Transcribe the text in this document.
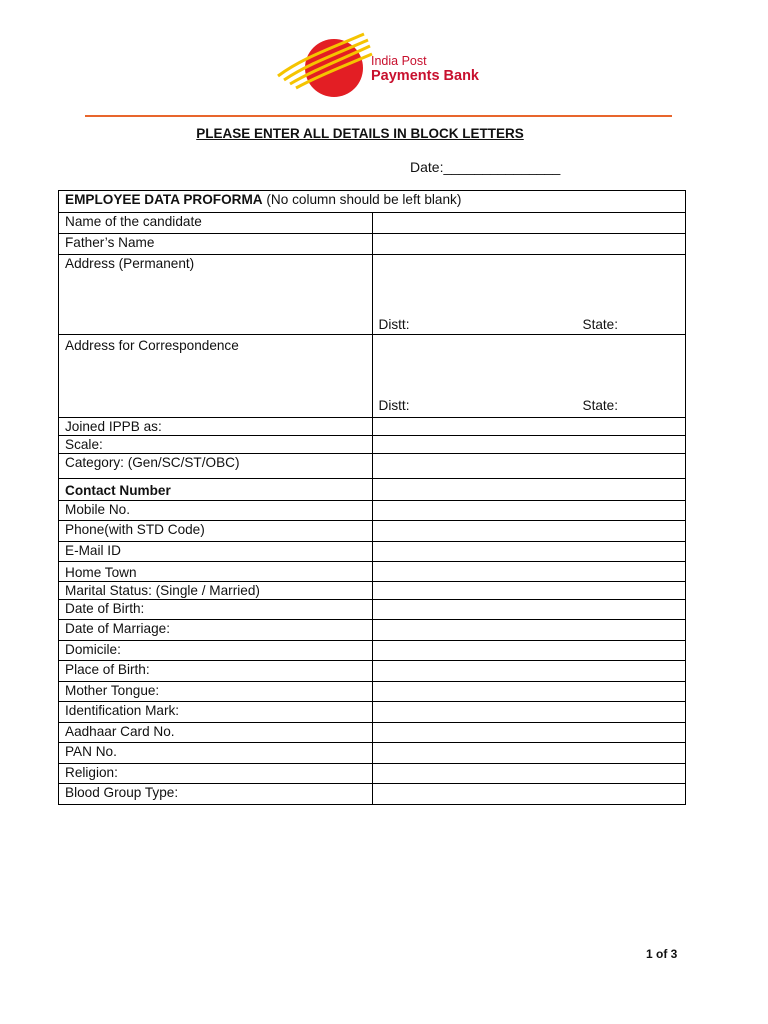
India Post
Payments Bank
PLEASE ENTER ALL DETAILS IN BLOCK LETTERS
Date:_______________
EMPLOYEE DATA PROFORMA (No column should be left blank)	
Name of the candidate	
Father’s Name	
Address (Permanent)	Distt: State:

Address for Correspondence	Distt: State:

Joined IPPB as:	
Scale:	
Category: (Gen/SC/ST/OBC)	
Contact Number	
Mobile No.	
Phone(with STD Code)	
E-Mail ID	
Home Town	
Marital Status: (Single / Married)	
Date of Birth:	
Date of Marriage:	
Domicile:	
Place of Birth:	
Mother Tongue:	
Identification Mark:	
Aadhaar Card No.	
PAN No.	
Religion:	
Blood Group Type:	
1 of 3
